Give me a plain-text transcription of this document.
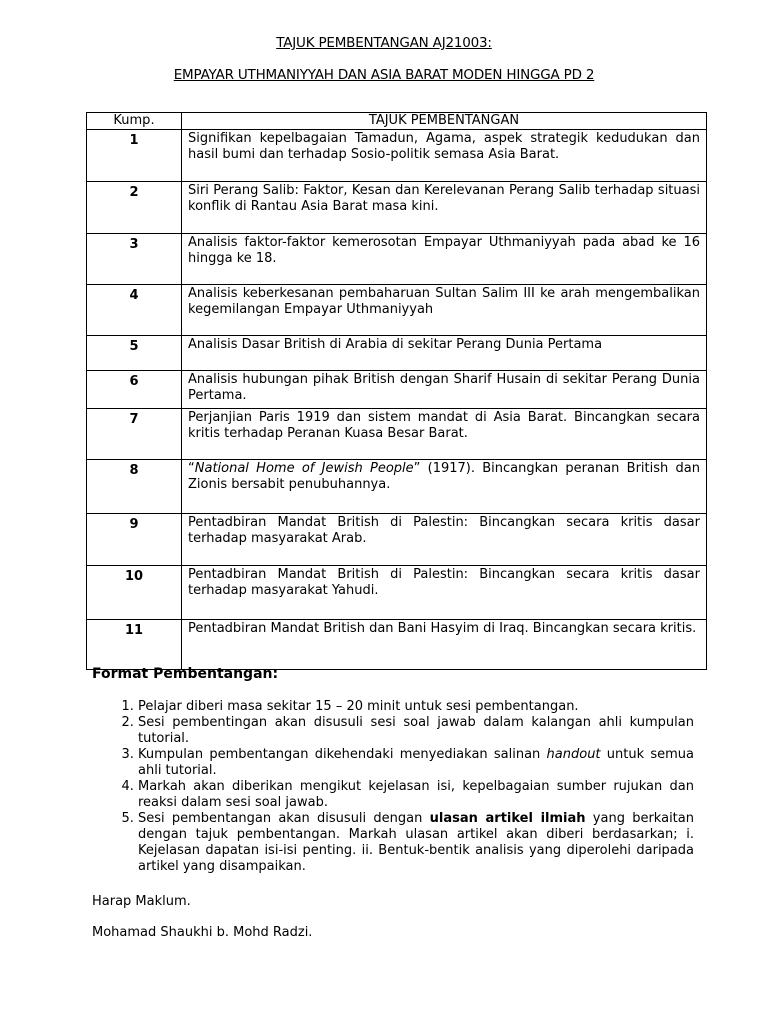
TAJUK PEMBENTANGAN AJ21003:
EMPAYAR UTHMANIYYAH DAN ASIA BARAT MODEN HINGGA PD 2
Kump.	TAJUK PEMBENTANGAN
1	Signifikan kepelbagaian Tamadun, Agama, aspek strategik kedudukan dan hasil bumi dan terhadap Sosio-politik semasa Asia Barat.
2	Siri Perang Salib: Faktor, Kesan dan Kerelevanan Perang Salib terhadap situasi konflik di Rantau Asia Barat masa kini.
3	Analisis faktor-faktor kemerosotan Empayar Uthmaniyyah pada abad ke 16 hingga ke 18.
4	Analisis keberkesanan pembaharuan Sultan Salim III ke arah mengembalikan kegemilangan Empayar Uthmaniyyah
5	Analisis Dasar British di Arabia di sekitar Perang Dunia Pertama
6	Analisis hubungan pihak British dengan Sharif Husain di sekitar Perang Dunia Pertama.
7	Perjanjian Paris 1919 dan sistem mandat di Asia Barat. Bincangkan secara kritis terhadap Peranan Kuasa Besar Barat.
8	“National Home of Jewish People” (1917). Bincangkan peranan British dan Zionis bersabit penubuhannya.
9	Pentadbiran Mandat British di Palestin: Bincangkan secara kritis dasar terhadap masyarakat Arab.
10	Pentadbiran Mandat British di Palestin: Bincangkan secara kritis dasar terhadap masyarakat Yahudi.
11	Pentadbiran Mandat British dan Bani Hasyim di Iraq. Bincangkan secara kritis.
Format Pembentangan:
1. Pelajar diberi masa sekitar 15 – 20 minit untuk sesi pembentangan.
2. Sesi pembentingan akan disusuli sesi soal jawab dalam kalangan ahli kumpulan tutorial.
3. Kumpulan pembentangan dikehendaki menyediakan salinan handout untuk semua ahli tutorial.
4. Markah akan diberikan mengikut kejelasan isi, kepelbagaian sumber rujukan dan reaksi dalam sesi soal jawab.
5. Sesi pembentangan akan disusuli dengan ulasan artikel ilmiah yang berkaitan dengan tajuk pembentangan. Markah ulasan artikel akan diberi berdasarkan; i. Kejelasan dapatan isi-isi penting. ii. Bentuk-bentik analisis yang diperolehi daripada artikel yang disampaikan.
Harap Maklum.
Mohamad Shaukhi b. Mohd Radzi.
